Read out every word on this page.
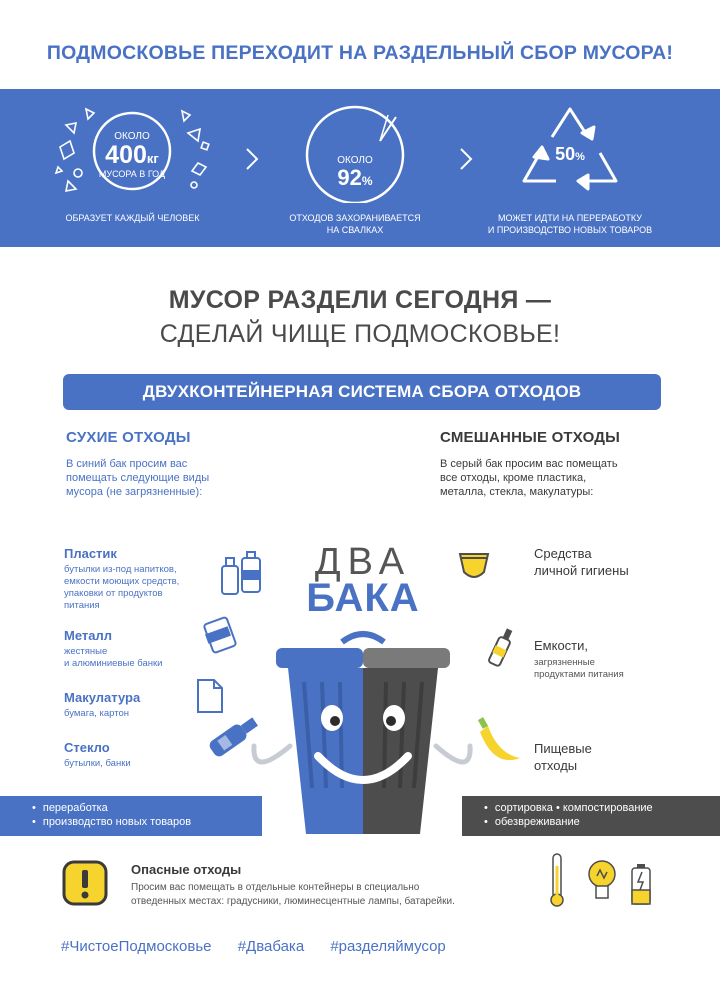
ПОДМОСКОВЬЕ ПЕРЕХОДИТ НА РАЗДЕЛЬНЫЙ СБОР МУСОРА!
ОКОЛО
400кг
МУСОРА В ГОД
ОБРАЗУЕТ КАЖДЫЙ ЧЕЛОВЕК
ОКОЛО
92%
ОТХОДОВ ЗАХОРАНИВАЕТСЯ
НА СВАЛКАХ
50%
МОЖЕТ ИДТИ НА ПЕРЕРАБОТКУ
И ПРОИЗВОДСТВО НОВЫХ ТОВАРОВ
МУСОР РАЗДЕЛИ СЕГОДНЯ —
СДЕЛАЙ ЧИЩЕ ПОДМОСКОВЬЕ!
ДВУХКОНТЕЙНЕРНАЯ СИСТЕМА СБОРА ОТХОДОВ
СУХИЕ ОТХОДЫ
В синий бак просим вас
помещать следующие виды
мусора (не загрязненные):
СМЕШАННЫЕ ОТХОДЫ
В серый бак просим вас помещать
все отходы, кроме пластика,
металла, стекла, макулатуры:
Пластик
бутылки из-под напитков,
емкости моющих средств,
упаковки от продуктов
питания
Металл
жестяные
и алюминиевые банки
Макулатура
бумага, картон
Стекло
бутылки, банки
ДВА
БАКА
Средства
личной гигиены
Емкости,
загрязненные
продуктами питания
Пищевые
отходы
• переработка
• производство новых товаров
• сортировка • компостирование
• обезвреживание
Опасные отходы
Просим вас помещать в отдельные контейнеры в специально
отведенных местах: градусники, люминесцентные лампы, батарейки.
#ЧистоеПодмосковье #Двабака #разделяймусор
